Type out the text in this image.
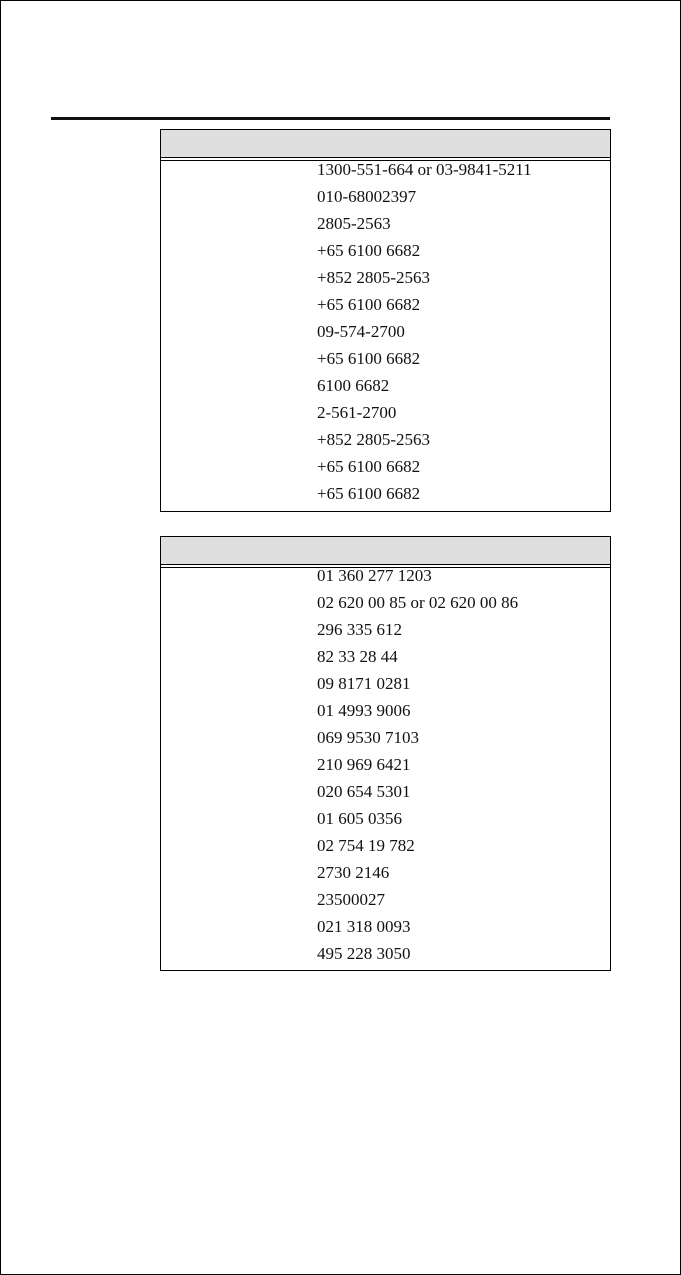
1300-551-664 or 03-9841-5211
010-68002397
2805-2563
+65 6100 6682
+852 2805-2563
+65 6100 6682
09-574-2700
+65 6100 6682
6100 6682
2-561-2700
+852 2805-2563
+65 6100 6682
+65 6100 6682
01 360 277 1203
02 620 00 85 or 02 620 00 86
296 335 612
82 33 28 44
09 8171 0281
01 4993 9006
069 9530 7103
210 969 6421
020 654 5301
01 605 0356
02 754 19 782
2730 2146
23500027
021 318 0093
495 228 3050
